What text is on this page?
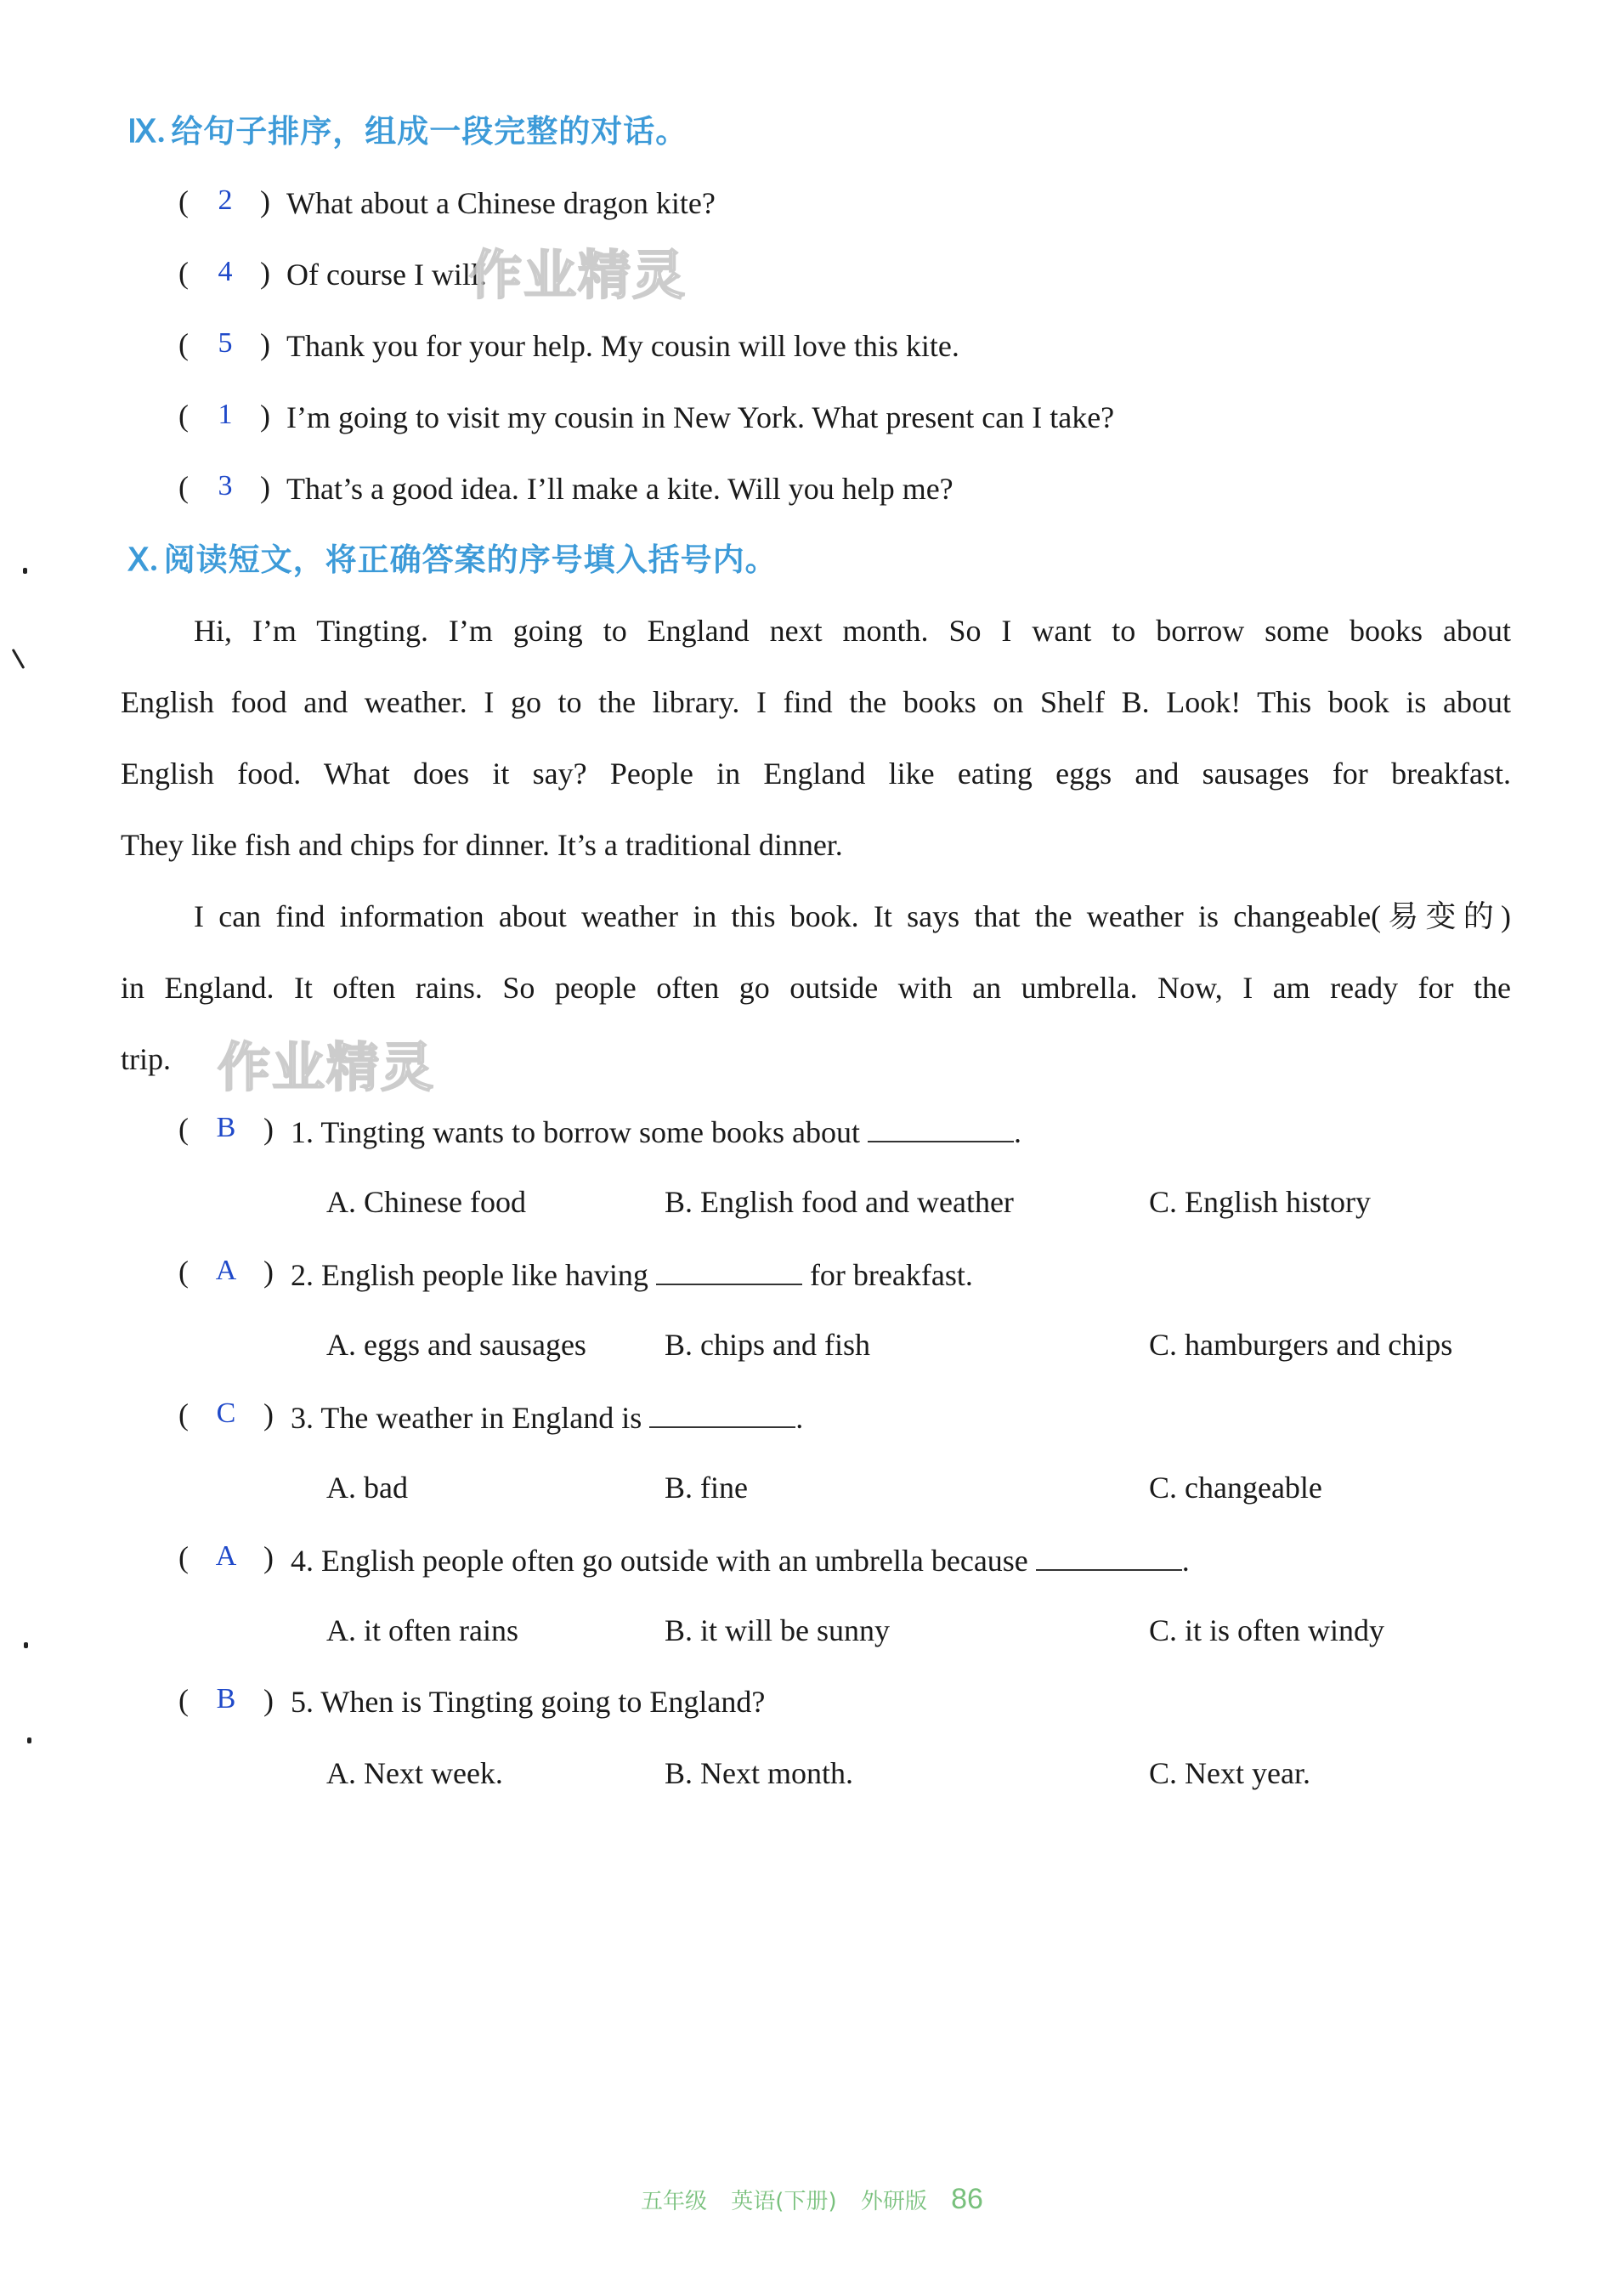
Ⅸ. 给句子排序，组成一段完整的对话。
(	2 ) What about a Chinese dragon kite?
(	4 ) Of course I will.
(	5 ) Thank you for your help. My cousin will love this kite.
(	1 ) I’m going to visit my cousin in New York. What present can I take?
(	3 ) That’s a good idea. I’ll make a kite. Will you help me?
作业精灵
Ⅹ. 阅读短文，将正确答案的序号填入括号内。

Hi, I’m Tingting. I’m going to England next month. So I want to borrow some books about

English food and weather. I go to the library. I find the books on Shelf B. Look! This book is about

English food. What does it say? People in England like eating eggs and sausages for breakfast.

They like fish and chips for dinner. It’s a traditional dinner.

I can find information about weather in this book. It says that the weather is changeable(易变的)

in England. It often rains. So people often go outside with an umbrella. Now, I am ready for the

trip. 作业精灵
( B ) 1. Tingting wants to borrow some books about	.
A. Chinese food	B. English food and weather	C. English history
( A ) 2. English people like having	for breakfast.
A. eggs and sausages	B. chips and fish	C. hamburgers and chips
( C ) 3. The weather in England is	.
A. bad	B. fine	C. changeable
( A ) 4. English people often go outside with an umbrella because	.
A. it often rains	B. it will be sunny	C. it is often windy
( B ) 5. When is Tingting going to England?
A. Next week.	B. Next month.	C. Next year.
五年级 英语(下册) 外研版 86
